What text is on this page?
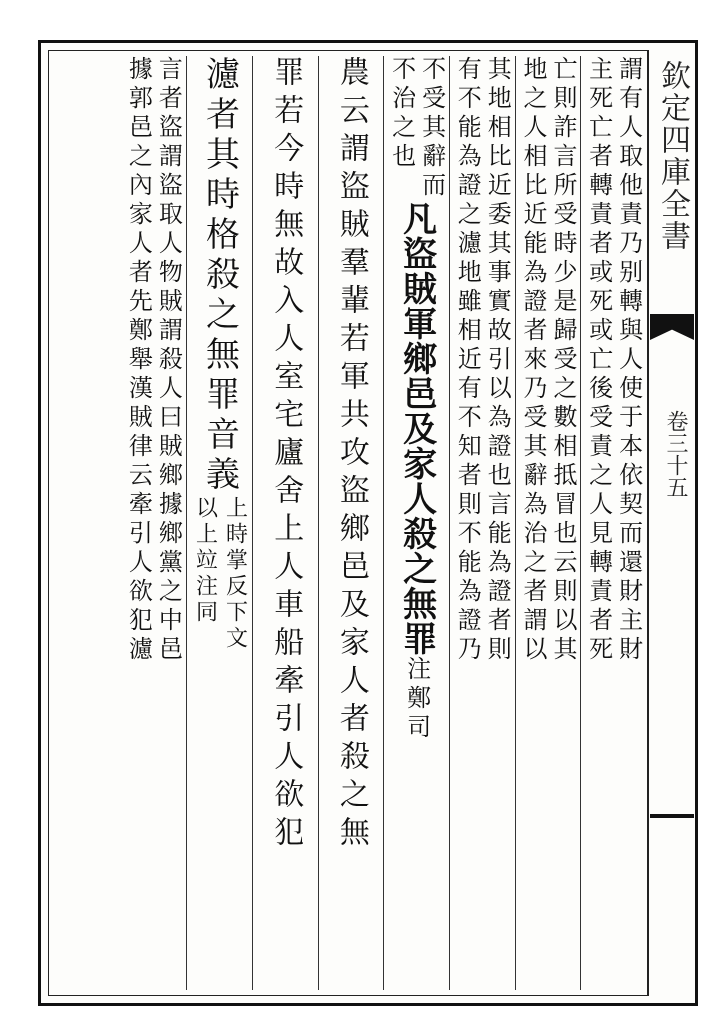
欽定四庫全書
卷三十五
謂有人取他責乃别轉與人使于本依契而還財主財
主死亡者轉責者或死或亡後受責之人見轉責者死
亡則詐言所受時少是歸受之數相抵冒也云則以其
地之人相比近能為證者來乃受其辭為治之者謂以
其地相比近委其事實故引以為證也言能為證者則
有不能為證之濾地雖相近有不知者則不能為證乃
不受其辭而
不治之也
凡盜賊軍鄉邑及家人殺之無罪
注鄭司
農云謂盜賊羣輩若軍共攻盜鄉邑及家人者殺之無
罪若今時無故入人室宅廬舍上人車船牽引人欲犯
濾者其時格殺之無罪音義
上時掌反下文
以上竝注同
言者盜謂盜取人物賊謂殺人曰賊鄉據鄉黨之中邑
據郭邑之內家人者先鄭舉漢賊律云牽引人欲犯濾
